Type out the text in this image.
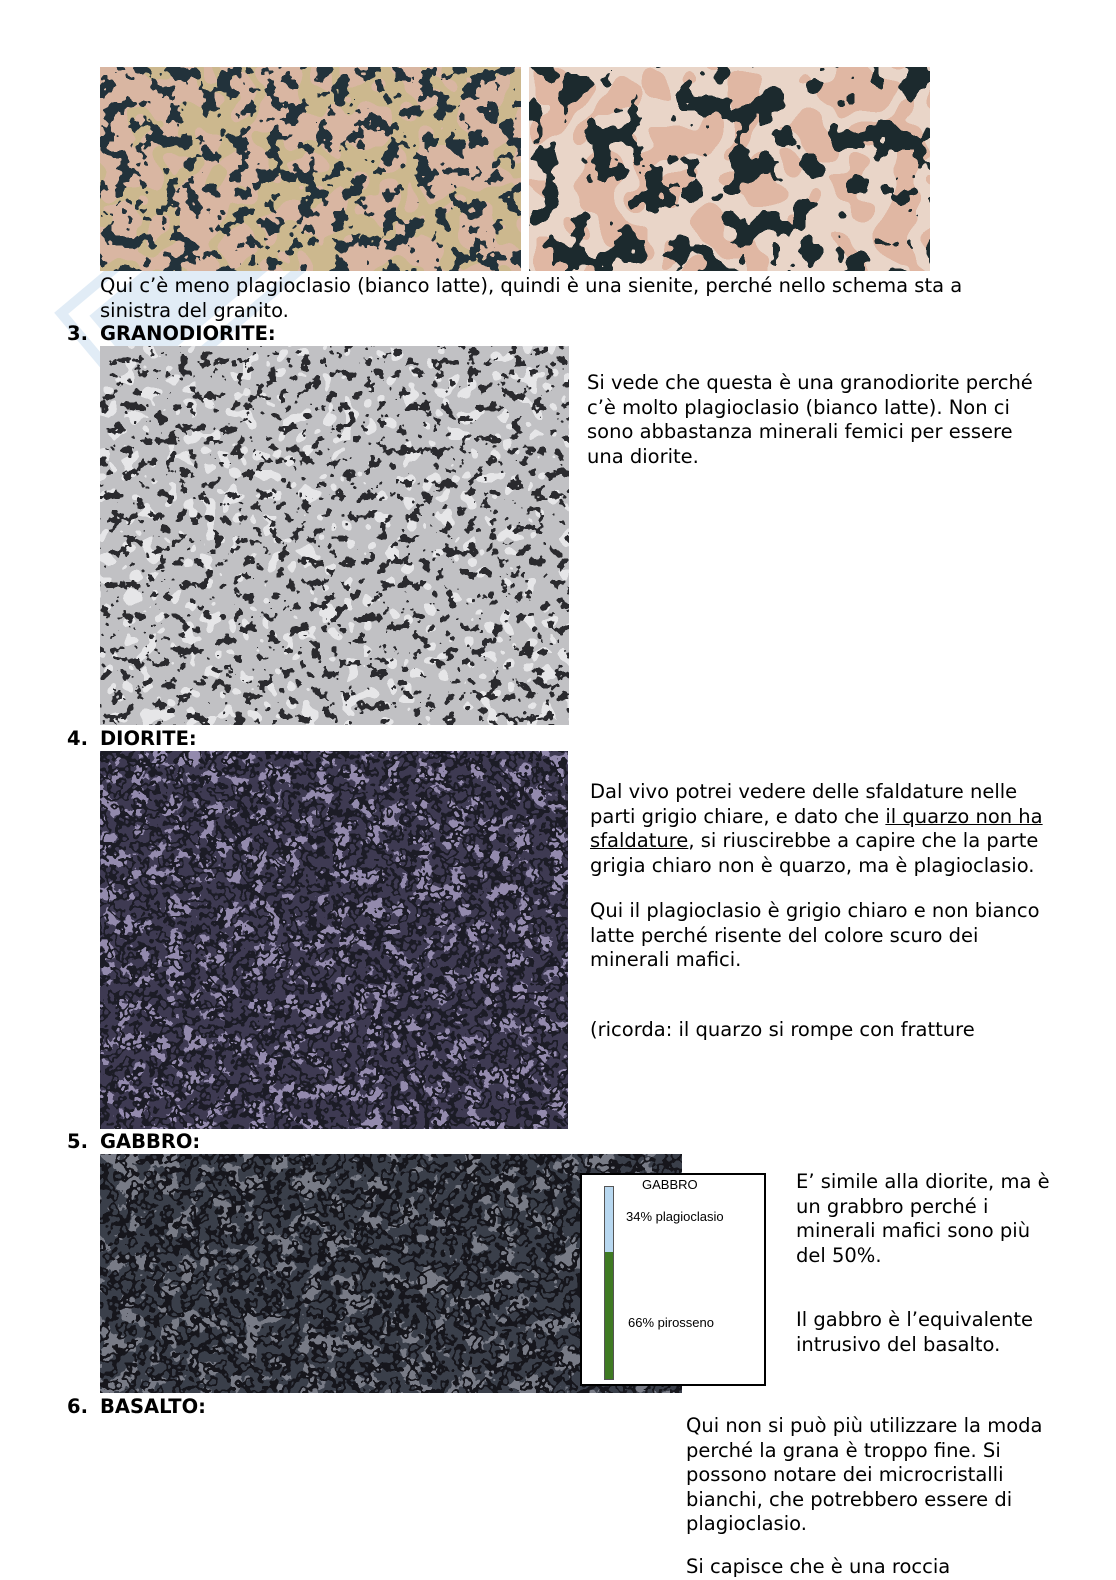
Qui c’è meno plagioclasio (bianco latte), quindi è una sienite, perché nello schema sta a sinistra del granito.
3. GRANODIORITE:
Si vede che questa è una granodiorite perché c’è molto plagioclasio (bianco latte). Non ci sono abbastanza minerali femici per essere una diorite.
4. DIORITE:
Dal vivo potrei vedere delle sfaldature nelle parti grigio chiare, e dato che il quarzo non ha sfaldature, si riuscirebbe a capire che la parte grigia chiaro non è quarzo, ma è plagioclasio.
Qui il plagioclasio è grigio chiaro e non bianco latte perché risente del colore scuro dei minerali mafici.
(ricorda: il quarzo si rompe con fratture
5. GABBRO:
GABBRO
34% plagioclasio
66% pirosseno
E’ simile alla diorite, ma è un grabbro perché i minerali mafici sono più del 50%.
Il gabbro è l’equivalente intrusivo del basalto.
6. BASALTO:
Qui non si può più utilizzare la moda perché la grana è troppo fine. Si possono notare dei microcristalli bianchi, che potrebbero essere di plagioclasio.
Si capisce che è una roccia
